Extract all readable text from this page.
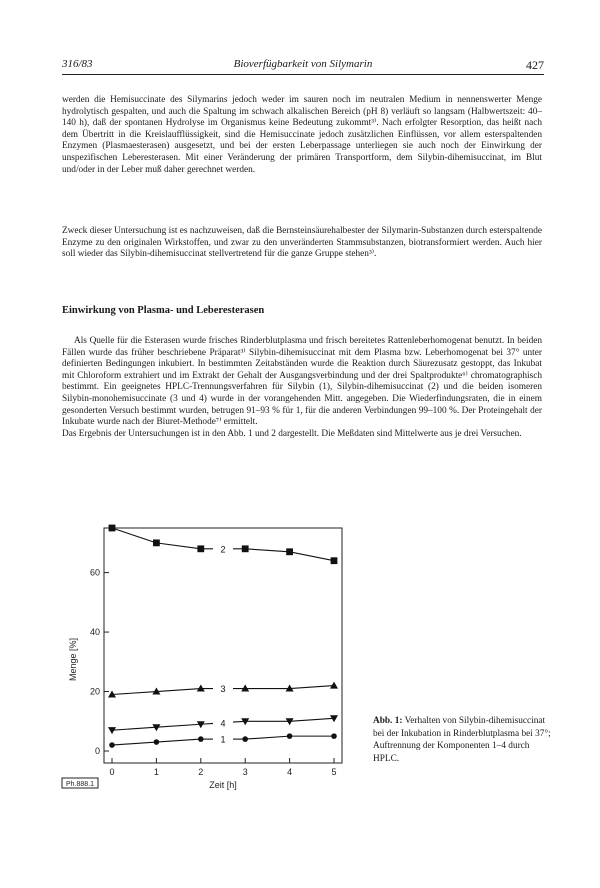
316/83	Bioverfügbarkeit von Silymarin	427

werden die Hemisuccinate des Silymarins jedoch weder im sauren noch im neutralen Medium in nennenswerter Menge hydrolytisch gespalten, und auch die Spaltung im schwach alkalischen Bereich (pH 8) verläuft so langsam (Halbwertszeit: 40–140 h), daß der spontanen Hydrolyse im Organismus keine Bedeutung zukommt³⁾. Nach erfolgter Resorption, das heißt nach dem Übertritt in die Kreislaufflüssigkeit, sind die Hemisuccinate jedoch zusätzlichen Einflüssen, vor allem esterspaltenden Enzymen (Plasmaesterasen) ausgesetzt, und bei der ersten Leberpassage unterliegen sie auch noch der Einwirkung der unspezifischen Leberesterasen. Mit einer Veränderung der primären Transportform, dem Silybin-dihemisuccinat, im Blut und/oder in der Leber muß daher gerechnet werden.

Zweck dieser Untersuchung ist es nachzuweisen, daß die Bernsteinsäurehalbester der Silymarin-Substanzen durch esterspaltende Enzyme zu den originalen Wirkstoffen, und zwar zu den unveränderten Stammsubstanzen, biotransformiert werden. Auch hier soll wieder das Silybin-dihemisuccinat stellvertretend für die ganze Gruppe stehen³⁾.

Einwirkung von Plasma- und Leberesterasen

Als Quelle für die Esterasen wurde frisches Rinderblutplasma und frisch bereitetes Rattenleberhomogenat benutzt. In beiden Fällen wurde das früher beschriebene Präparat³⁾ Silybin-dihemisuccinat mit dem Plasma bzw. Leberhomogenat bei 37° unter definierten Bedingungen inkubiert. In bestimmten Zeitabständen wurde die Reaktion durch Säurezusatz gestoppt, das Inkubat mit Chloroform extrahiert und im Extrakt der Gehalt der Ausgangsverbindung und der drei Spaltprodukte⁶⁾ chromatographisch bestimmt. Ein geeignetes HPLC-Trennungsverfahren für Silybin (1), Silybin-dihemisuccinat (2) und die beiden isomeren Silybin-monohemisuccinate (3 und 4) wurde in der vorangehenden Mitt. angegeben. Die Wiederfindungsraten, die in einem gesonderten Versuch bestimmt wurden, betrugen 91–93 % für 1, für die anderen Verbindungen 99–100 %. Der Proteingehalt der Inkubate wurde nach der Biuret-Methode⁷⁾ ermittelt.

Das Ergebnis der Untersuchungen ist in den Abb. 1 und 2 dargestellt. Die Meßdaten sind Mittelwerte aus je drei Versuchen.

0
20
40
60
0	1	2	3	4	5
Zeit [h]
Menge [%]
Ph.888.1
2
3
4
1
Abb. 1: Verhalten von Silybin-dihemisuccinat bei der Inkubation in Rinderblutplasma bei 37°; Auftrennung der Komponenten 1–4 durch HPLC.
